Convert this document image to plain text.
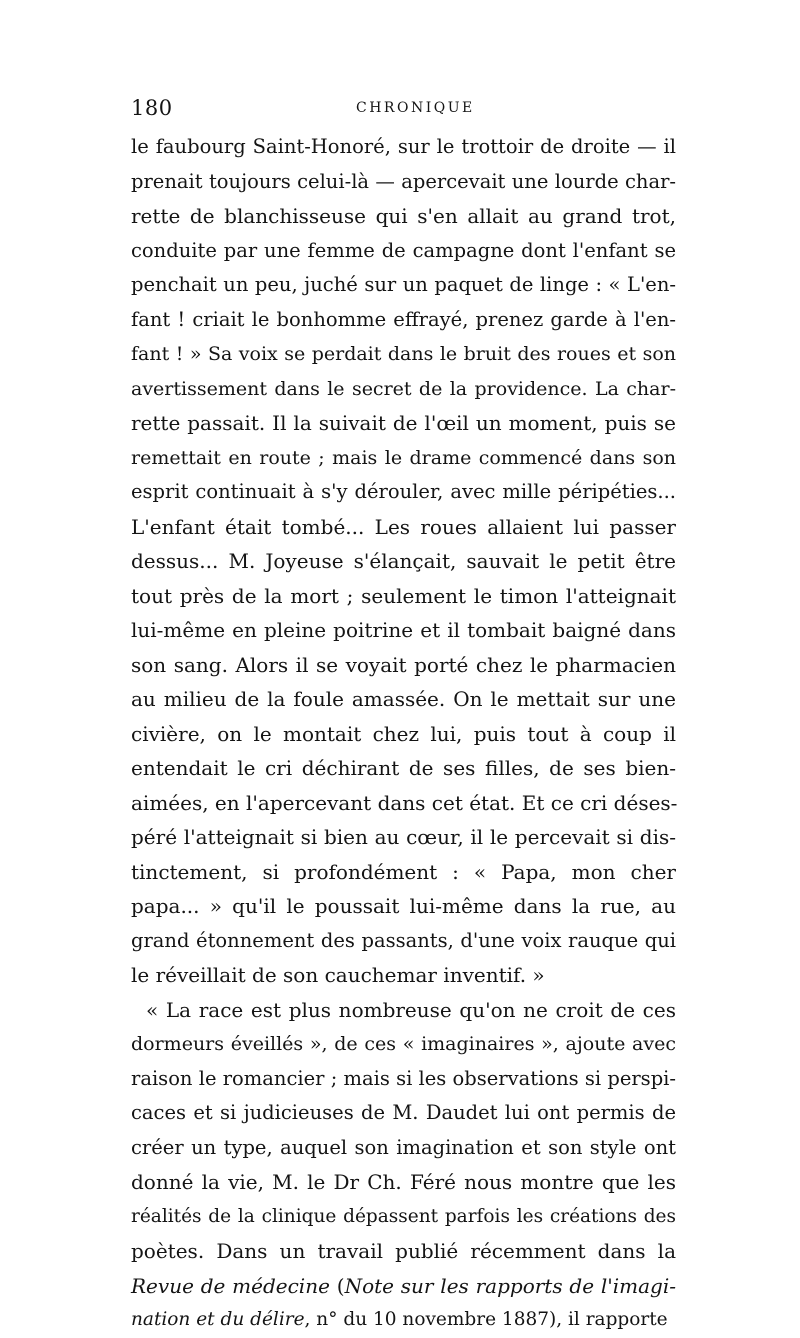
180	CHRONIQUE
le faubourg Saint-Honoré, sur le trottoir de droite — il
prenait toujours celui-là — apercevait une lourde char-
rette de blanchisseuse qui s'en allait au grand trot,
conduite par une femme de campagne dont l'enfant se
penchait un peu, juché sur un paquet de linge : « L'en-
fant ! criait le bonhomme effrayé, prenez garde à l'en-
fant ! » Sa voix se perdait dans le bruit des roues et son
avertissement dans le secret de la providence. La char-
rette passait. Il la suivait de l'œil un moment, puis se
remettait en route ; mais le drame commencé dans son
esprit continuait à s'y dérouler, avec mille péripéties...
L'enfant était tombé... Les roues allaient lui passer
dessus... M. Joyeuse s'élançait, sauvait le petit être
tout près de la mort ; seulement le timon l'atteignait
lui-même en pleine poitrine et il tombait baigné dans
son sang. Alors il se voyait porté chez le pharmacien
au milieu de la foule amassée. On le mettait sur une
civière, on le montait chez lui, puis tout à coup il
entendait le cri déchirant de ses filles, de ses bien-
aimées, en l'apercevant dans cet état. Et ce cri déses-
péré l'atteignait si bien au cœur, il le percevait si dis-
tinctement, si profondément : « Papa, mon cher
papa... » qu'il le poussait lui-même dans la rue, au
grand étonnement des passants, d'une voix rauque qui
le réveillait de son cauchemar inventif. »
« La race est plus nombreuse qu'on ne croit de ces
dormeurs éveillés », de ces « imaginaires », ajoute avec
raison le romancier ; mais si les observations si perspi-
caces et si judicieuses de M. Daudet lui ont permis de
créer un type, auquel son imagination et son style ont
donné la vie, M. le Dr Ch. Féré nous montre que les
réalités de la clinique dépassent parfois les créations des
poètes. Dans un travail publié récemment dans la
Revue de médecine (Note sur les rapports de l'imagi-
nation et du délire, n° du 10 novembre 1887), il rapporte
